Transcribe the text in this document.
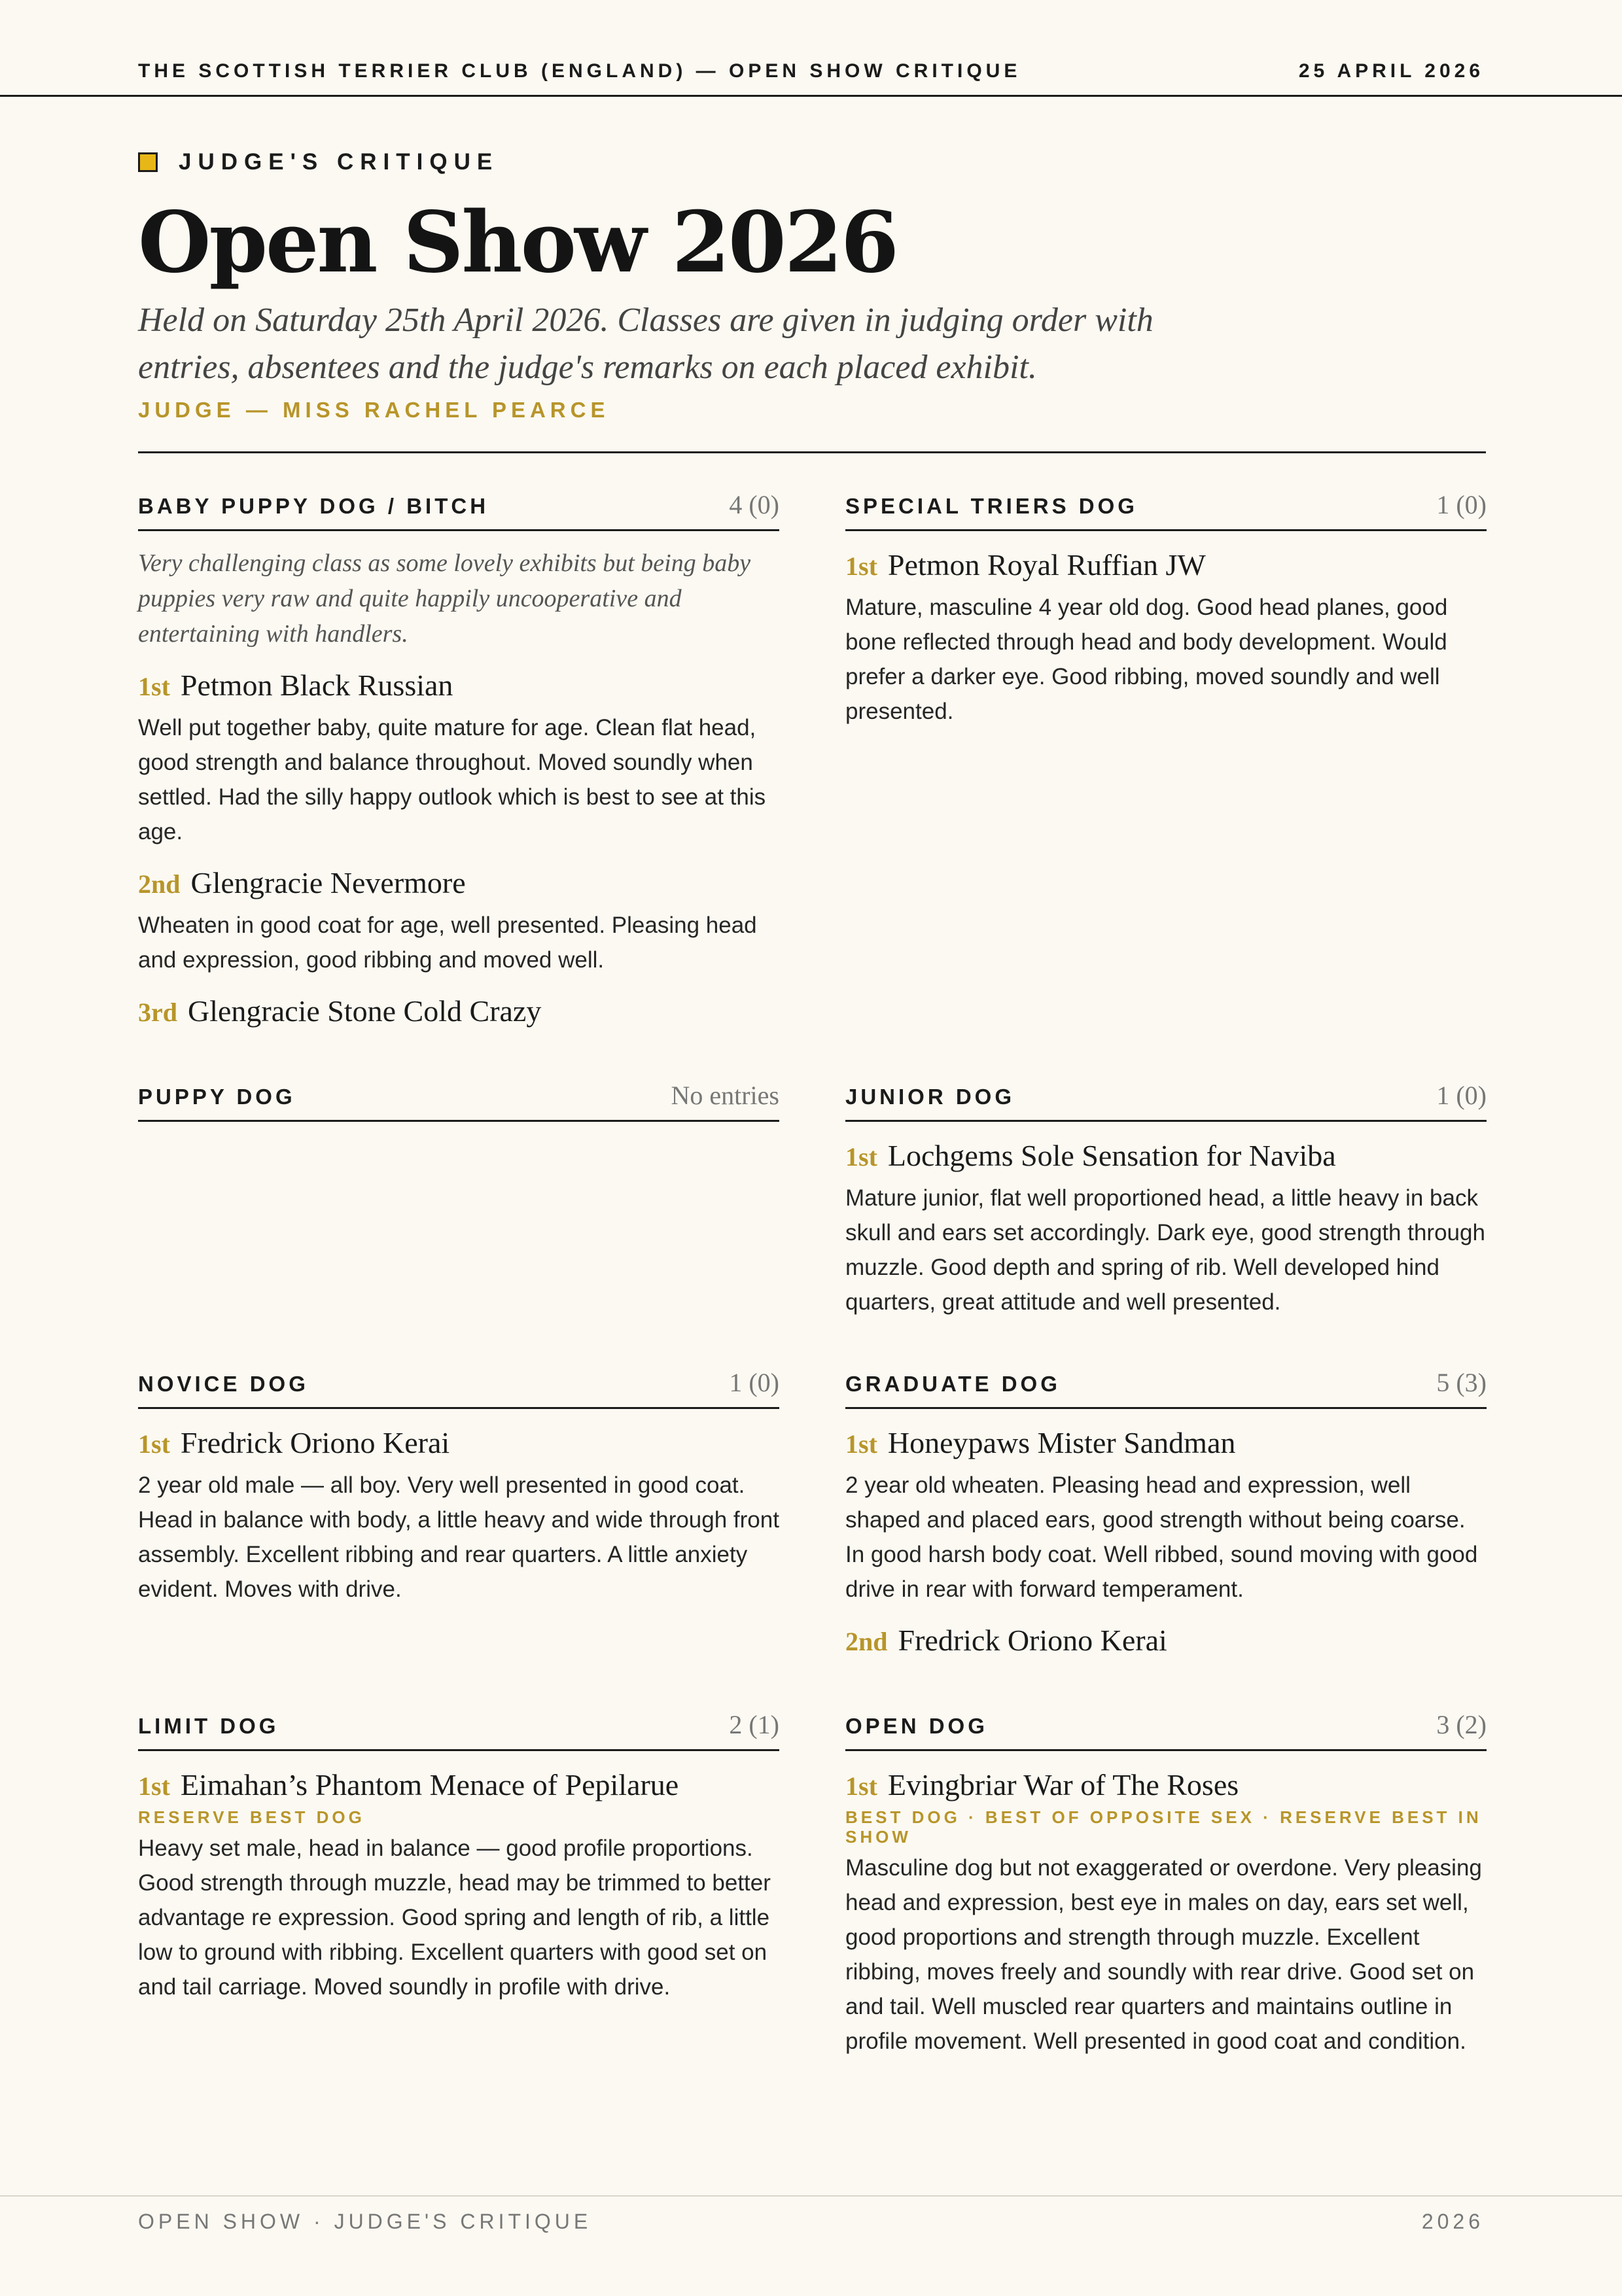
THE SCOTTISH TERRIER CLUB (ENGLAND) — OPEN SHOW CRITIQUE	25 APRIL 2026
JUDGE'S CRITIQUE
Open Show 2026
Held on Saturday 25th April 2026. Classes are given in judging order with entries, absentees and the judge's remarks on each placed exhibit.
JUDGE — MISS RACHEL PEARCE
BABY PUPPY DOG / BITCH	4 (0)
Very challenging class as some lovely exhibits but being baby puppies very raw and quite happily uncooperative and entertaining with handlers.
1st Petmon Black Russian
Well put together baby, quite mature for age. Clean flat head, good strength and balance throughout. Moved soundly when settled. Had the silly happy outlook which is best to see at this age.
2nd Glengracie Nevermore
Wheaten in good coat for age, well presented. Pleasing head and expression, good ribbing and moved well.
3rd Glengracie Stone Cold Crazy
SPECIAL TRIERS DOG	1 (0)
1st Petmon Royal Ruffian JW
Mature, masculine 4 year old dog. Good head planes, good bone reflected through head and body development. Would prefer a darker eye. Good ribbing, moved soundly and well presented.
PUPPY DOG	No entries	JUNIOR DOG	1 (0)
1st Lochgems Sole Sensation for Naviba
Mature junior, flat well proportioned head, a little heavy in back skull and ears set accordingly. Dark eye, good strength through muzzle. Good depth and spring of rib. Well developed hind quarters, great attitude and well presented.
NOVICE DOG	1 (0)
1st Fredrick Oriono Kerai
2 year old male — all boy. Very well presented in good coat. Head in balance with body, a little heavy and wide through front assembly. Excellent ribbing and rear quarters. A little anxiety evident. Moves with drive.
GRADUATE DOG	5 (3)
1st Honeypaws Mister Sandman
2 year old wheaten. Pleasing head and expression, well shaped and placed ears, good strength without being coarse. In good harsh body coat. Well ribbed, sound moving with good drive in rear with forward temperament.
2nd Fredrick Oriono Kerai
LIMIT DOG	2 (1)
1st Eimahan’s Phantom Menace of Pepilarue
RESERVE BEST DOG
Heavy set male, head in balance — good profile proportions. Good strength through muzzle, head may be trimmed to better advantage re expression. Good spring and length of rib, a little low to ground with ribbing. Excellent quarters with good set on and tail carriage. Moved soundly in profile with drive.
OPEN DOG	3 (2)
1st Evingbriar War of The Roses
BEST DOG · BEST OF OPPOSITE SEX · RESERVE BEST IN SHOW
Masculine dog but not exaggerated or overdone. Very pleasing head and expression, best eye in males on day, ears set well, good proportions and strength through muzzle. Excellent ribbing, moves freely and soundly with rear drive. Good set on and tail. Well muscled rear quarters and maintains outline in profile movement. Well presented in good coat and condition.
OPEN SHOW · JUDGE'S CRITIQUE	2026
